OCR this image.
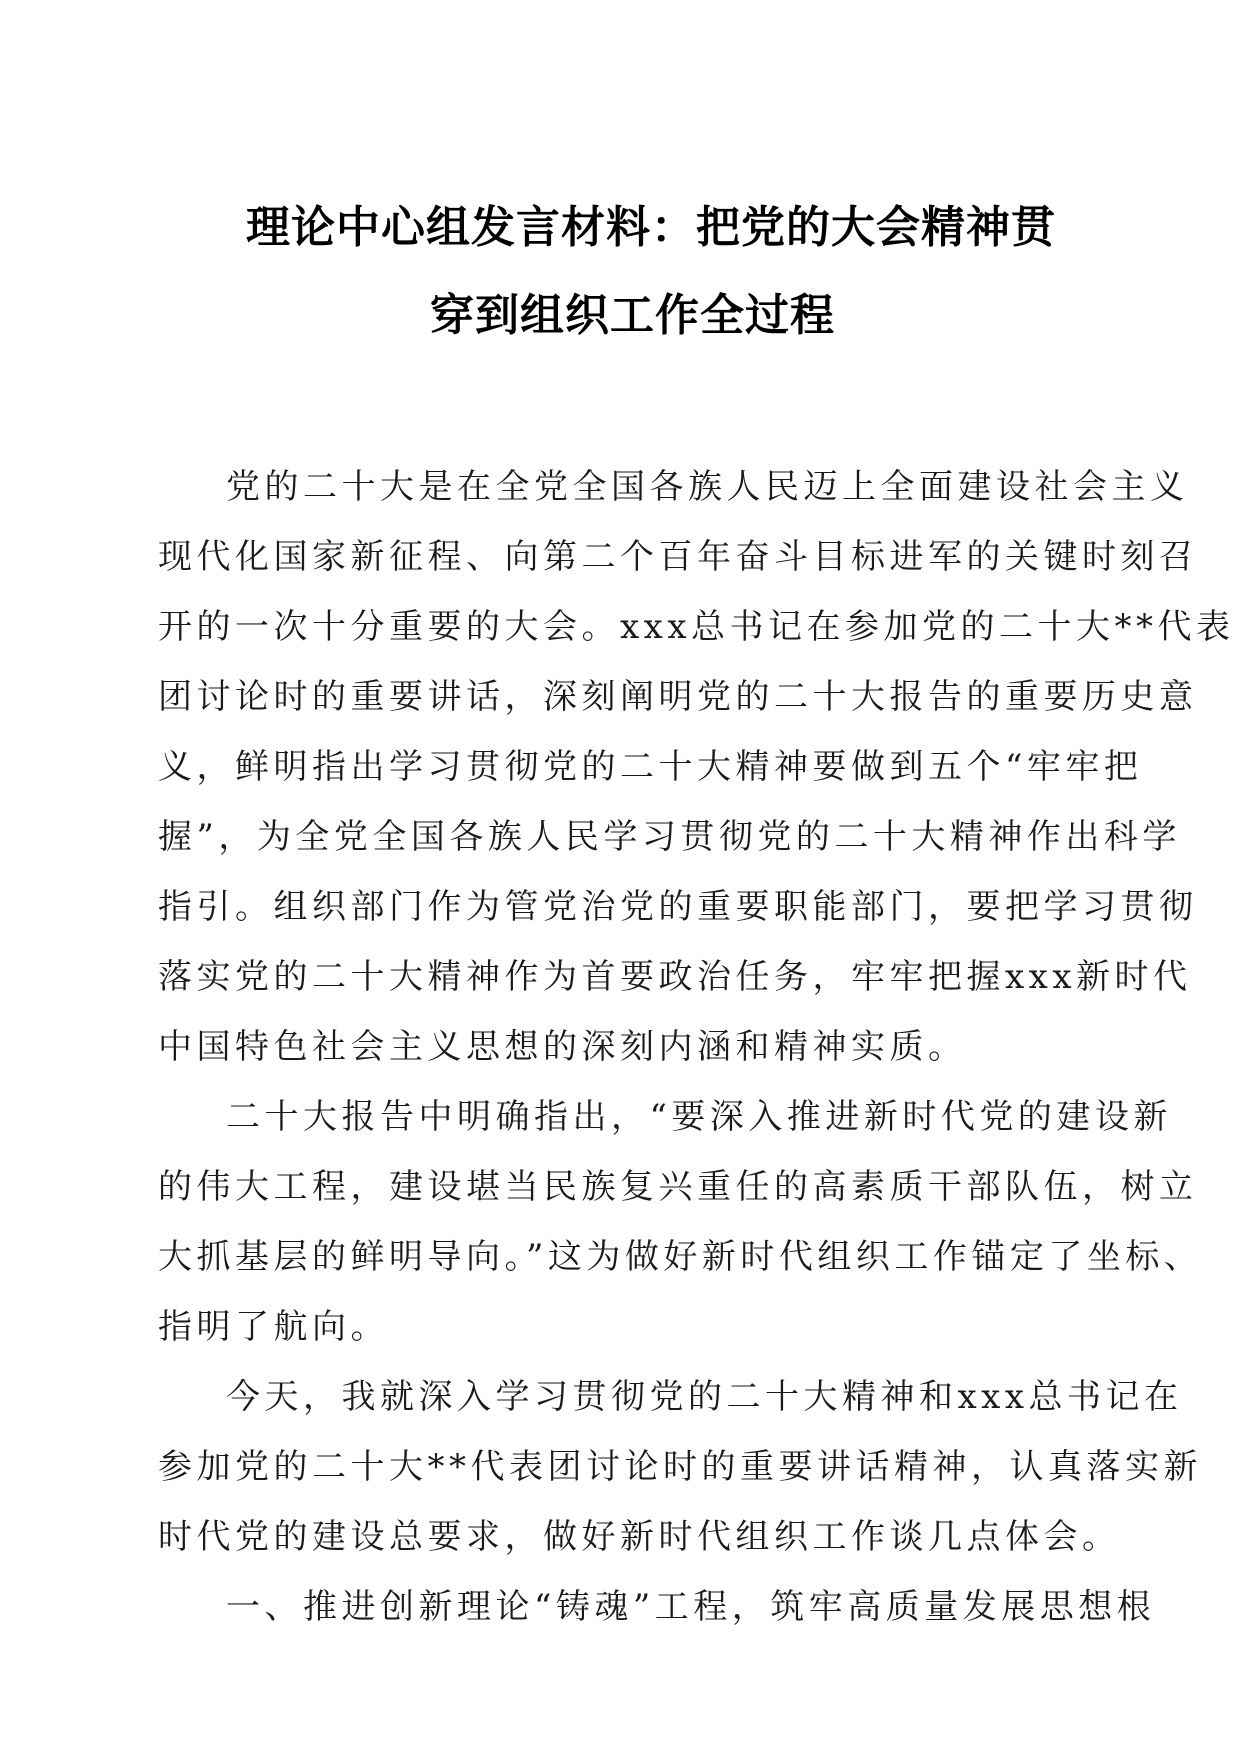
理论中心组发言材料：把党的大会精神贯
穿到组织工作全过程
党的二十大是在全党全国各族人民迈上全面建设社会主义
现代化国家新征程、向第二个百年奋斗目标进军的关键时刻召
开的一次十分重要的大会。xxx总书记在参加党的二十大**代表
团讨论时的重要讲话，深刻阐明党的二十大报告的重要历史意
义，鲜明指出学习贯彻党的二十大精神要做到五个“牢牢把
握”，为全党全国各族人民学习贯彻党的二十大精神作出科学
指引。组织部门作为管党治党的重要职能部门，要把学习贯彻
落实党的二十大精神作为首要政治任务，牢牢把握xxx新时代
中国特色社会主义思想的深刻内涵和精神实质。
二十大报告中明确指出，“要深入推进新时代党的建设新
的伟大工程，建设堪当民族复兴重任的高素质干部队伍，树立
大抓基层的鲜明导向。”这为做好新时代组织工作锚定了坐标、
指明了航向。
今天，我就深入学习贯彻党的二十大精神和xxx总书记在
参加党的二十大**代表团讨论时的重要讲话精神，认真落实新
时代党的建设总要求，做好新时代组织工作谈几点体会。
一、推进创新理论“铸魂”工程，筑牢高质量发展思想根
